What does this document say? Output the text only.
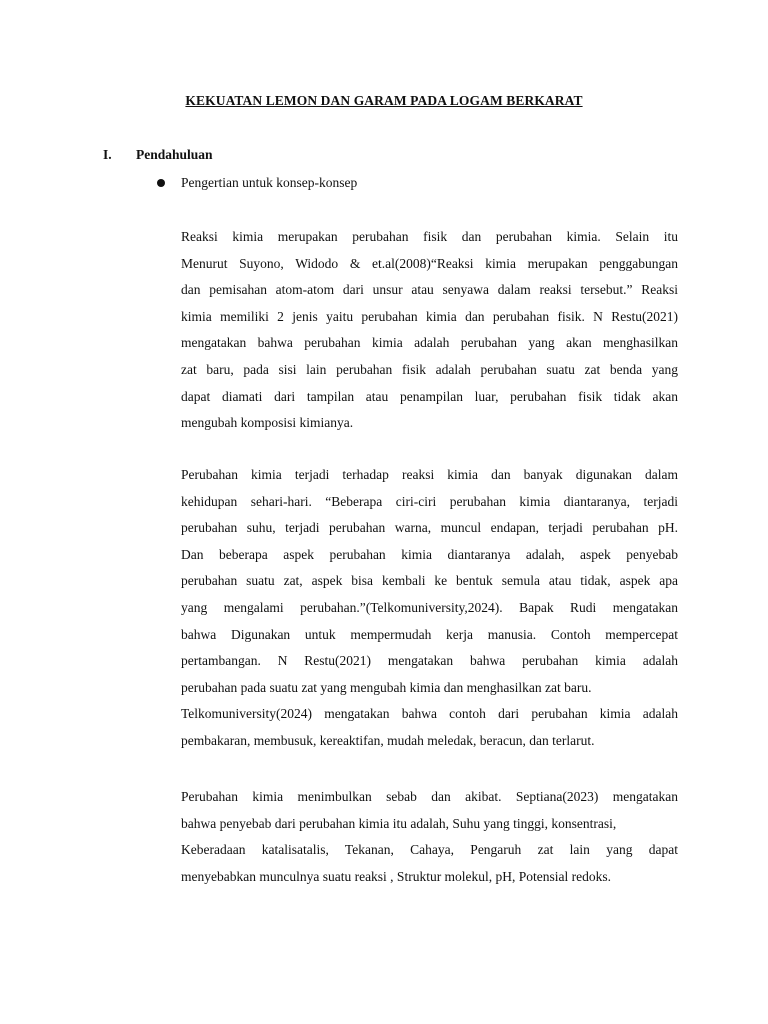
KEKUATAN LEMON DAN GARAM PADA LOGAM BERKARAT
I.	Pendahuluan
Pengertian untuk konsep-konsep
Reaksi kimia merupakan perubahan fisik dan perubahan kimia. Selain itu
Menurut Suyono, Widodo & et.al(2008)“Reaksi kimia merupakan penggabungan
dan pemisahan atom-atom dari unsur atau senyawa dalam reaksi tersebut.” Reaksi
kimia memiliki 2 jenis yaitu perubahan kimia dan perubahan fisik. N Restu(2021)
mengatakan bahwa perubahan kimia adalah perubahan yang akan menghasilkan
zat baru, pada sisi lain perubahan fisik adalah perubahan suatu zat benda yang
dapat diamati dari tampilan atau penampilan luar, perubahan fisik tidak akan
mengubah komposisi kimianya.
Perubahan kimia terjadi terhadap reaksi kimia dan banyak digunakan dalam
kehidupan sehari-hari. “Beberapa ciri-ciri perubahan kimia diantaranya, terjadi
perubahan suhu, terjadi perubahan warna, muncul endapan, terjadi perubahan pH.
Dan beberapa aspek perubahan kimia diantaranya adalah, aspek penyebab
perubahan suatu zat, aspek bisa kembali ke bentuk semula atau tidak, aspek apa
yang mengalami perubahan.”(Telkomuniversity,2024). Bapak Rudi mengatakan
bahwa Digunakan untuk mempermudah kerja manusia. Contoh mempercepat
pertambangan. N Restu(2021) mengatakan bahwa perubahan kimia adalah
perubahan pada suatu zat yang mengubah kimia dan menghasilkan zat baru.
Telkomuniversity(2024) mengatakan bahwa contoh dari perubahan kimia adalah
pembakaran, membusuk, kereaktifan, mudah meledak, beracun, dan terlarut.
Perubahan kimia menimbulkan sebab dan akibat. Septiana(2023) mengatakan
bahwa penyebab dari perubahan kimia itu adalah, Suhu yang tinggi, konsentrasi,
Keberadaan katalisatalis, Tekanan, Cahaya, Pengaruh zat lain yang dapat
menyebabkan munculnya suatu reaksi , Struktur molekul, pH, Potensial redoks.
